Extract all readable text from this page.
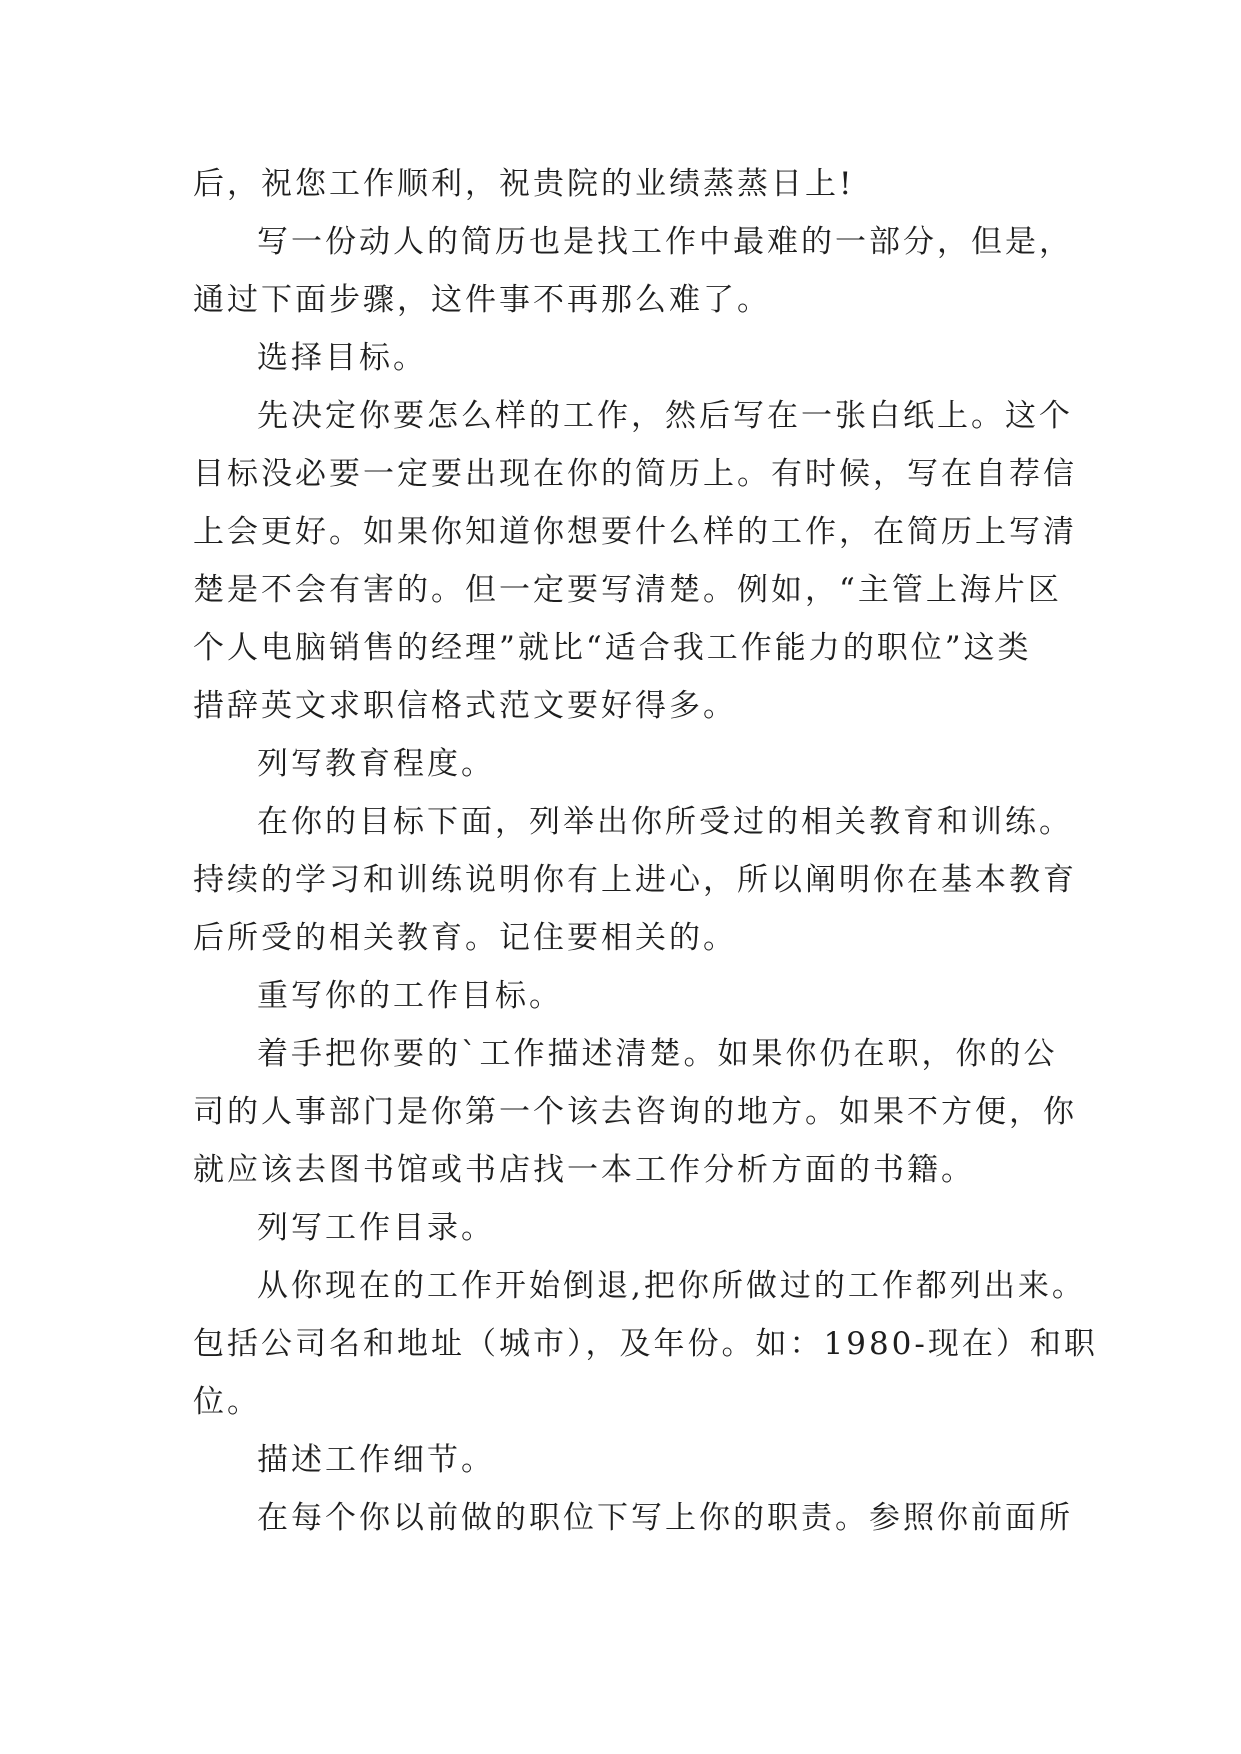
后，祝您工作顺利，祝贵院的业绩蒸蒸日上!
写一份动人的简历也是找工作中最难的一部分，但是，
通过下面步骤，这件事不再那么难了。
选择目标。
先决定你要怎么样的工作，然后写在一张白纸上。这个
目标没必要一定要出现在你的简历上。有时候，写在自荐信
上会更好。如果你知道你想要什么样的工作，在简历上写清
楚是不会有害的。但一定要写清楚。例如，“主管上海片区
个人电脑销售的经理”就比“适合我工作能力的职位”这类
措辞英文求职信格式范文要好得多。
列写教育程度。
在你的目标下面，列举出你所受过的相关教育和训练。
持续的学习和训练说明你有上进心，所以阐明你在基本教育
后所受的相关教育。记住要相关的。
重写你的工作目标。
着手把你要的`工作描述清楚。如果你仍在职，你的公
司的人事部门是你第一个该去咨询的地方。如果不方便，你
就应该去图书馆或书店找一本工作分析方面的书籍。
列写工作目录。
从你现在的工作开始倒退,把你所做过的工作都列出来。
包括公司名和地址（城市），及年份。如：1980-现在）和职
位。
描述工作细节。
在每个你以前做的职位下写上你的职责。参照你前面所
